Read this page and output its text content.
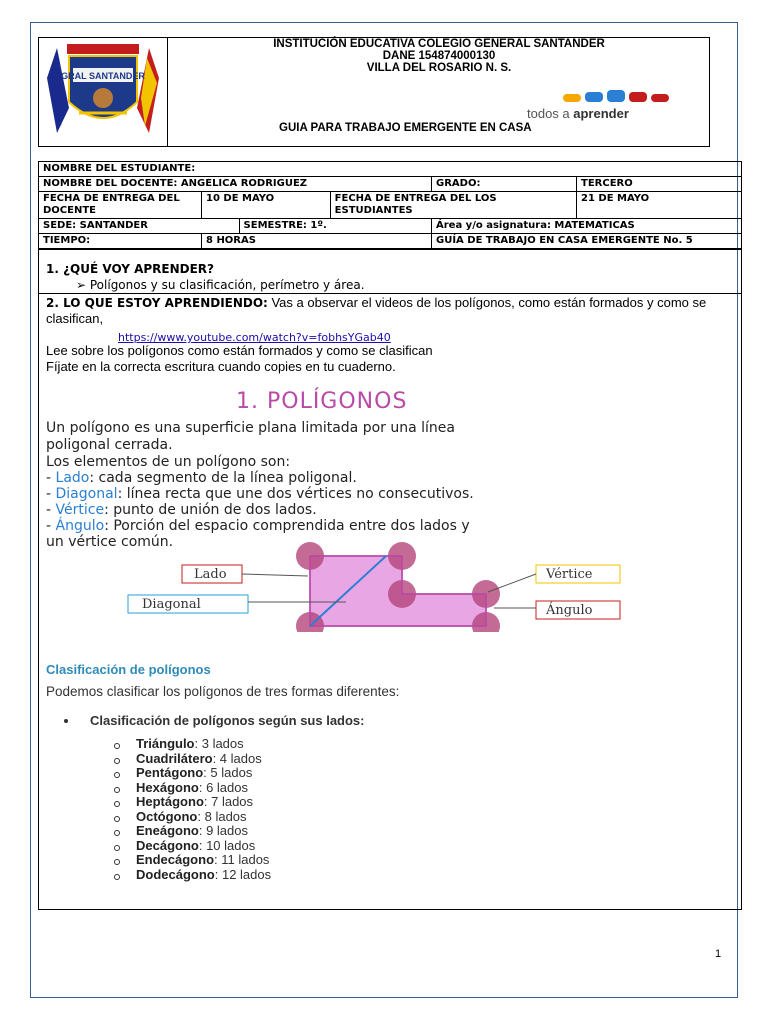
GRAL SANTANDER
INSTITUCIÓN EDUCATIVA COLEGIO GENERAL SANTANDER
DANE 154874000130
VILLA DEL ROSARIO N. S.
todos a aprender
GUIA PARA TRABAJO EMERGENTE EN CASA
NOMBRE DEL ESTUDIANTE:					
NOMBRE DEL DOCENTE: ANGELICA RODRIGUEZ				GRADO:	TERCERO
FECHA DE ENTREGA DEL DOCENTE	10 DE MAYO		FECHA DE ENTREGA DEL LOS ESTUDIANTES		21 DE MAYO
SEDE: SANTANDER		SEMESTRE: 1º.		Área y/o asignatura: MATEMATICAS	
TIEMPO:	8 HORAS			GUÍA DE TRABAJO EN CASA EMERGENTE No. 5	
1. ¿QUÉ VOY APRENDER?
➢ Polígonos y su clasificación, perímetro y área.
2. LO QUE ESTOY APRENDIENDO: Vas a observar el videos de los polígonos, como están formados y como se clasifican,
https://www.youtube.com/watch?v=fobhsYGab40
Lee sobre los polígonos como están formados y como se clasifican
Fíjate en la correcta escritura cuando copies en tu cuaderno.
1. POLÍGONOS
Un polígono es una superficie plana limitada por una línea
poligonal cerrada.
Los elementos de un polígono son:
- Lado: cada segmento de la línea poligonal.
- Diagonal: línea recta que une dos vértices no consecutivos.
- Vértice: punto de unión de dos lados.
- Ángulo: Porción del espacio comprendida entre dos lados y
un vértice común.
Lado
Diagonal
Vértice
Ángulo
Clasificación de polígonos
Podemos clasificar los polígonos de tres formas diferentes:
Clasificación de polígonos según sus lados:
Triángulo: 3 lados
Cuadrilátero: 4 lados
Pentágono: 5 lados
Hexágono: 6 lados
Heptágono: 7 lados
Octógono: 8 lados
Eneágono: 9 lados
Decágono: 10 lados
Endecágono: 11 lados
Dodecágono: 12 lados
1
